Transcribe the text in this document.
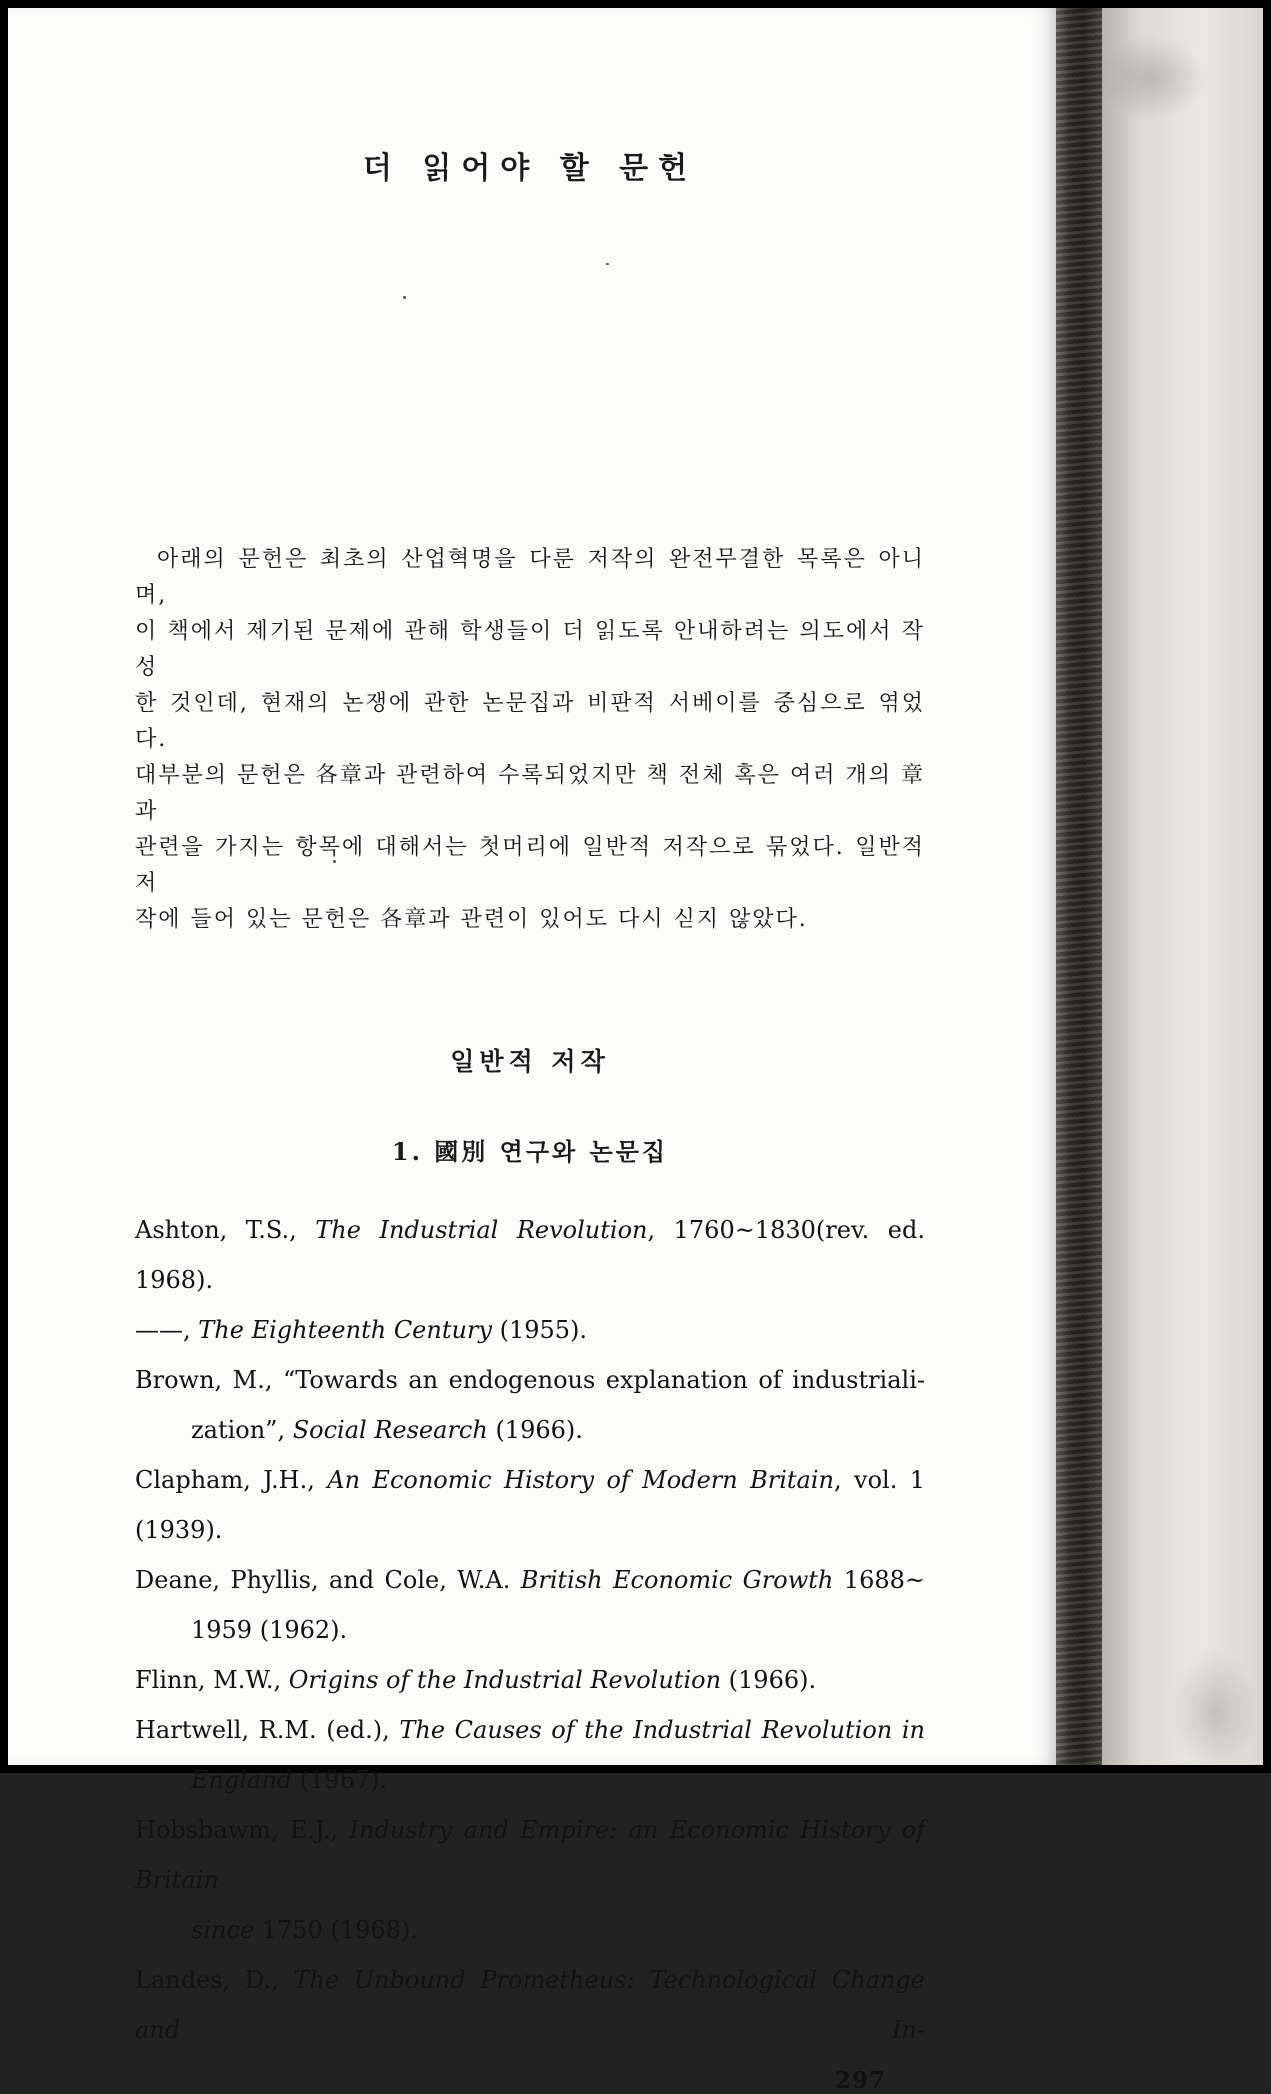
더 읽어야 할 문헌
아래의 문헌은 최초의 산업혁명을 다룬 저작의 완전무결한 목록은 아니며,
이 책에서 제기된 문제에 관해 학생들이 더 읽도록 안내하려는 의도에서 작성
한 것인데, 현재의 논쟁에 관한 논문집과 비판적 서베이를 중심으로 엮었다.
대부분의 문헌은 各章과 관련하여 수록되었지만 책 전체 혹은 여러 개의 章과
관련을 가지는 항목에 대해서는 첫머리에 일반적 저작으로 묶었다. 일반적 저
작에 들어 있는 문헌은 各章과 관련이 있어도 다시 싣지 않았다.
일반적 저작
1. 國別 연구와 논문집
Ashton, T.S., The Industrial Revolution, 1760~1830(rev. ed. 1968).
——, The Eighteenth Century (1955).
Brown, M., “Towards an endogenous explanation of industriali-
zation”, Social Research (1966).
Clapham, J.H., An Economic History of Modern Britain, vol. 1 (1939).
Deane, Phyllis, and Cole, W.A. British Economic Growth 1688~
1959 (1962).
Flinn, M.W., Origins of the Industrial Revolution (1966).
Hartwell, R.M. (ed.), The Causes of the Industrial Revolution in
England (1967).
Hobsbawm, E.J., Industry and Empire: an Economic History of Britain
since 1750 (1968).
Landes, D., The Unbound Prometheus: Technological Change and In-
297
